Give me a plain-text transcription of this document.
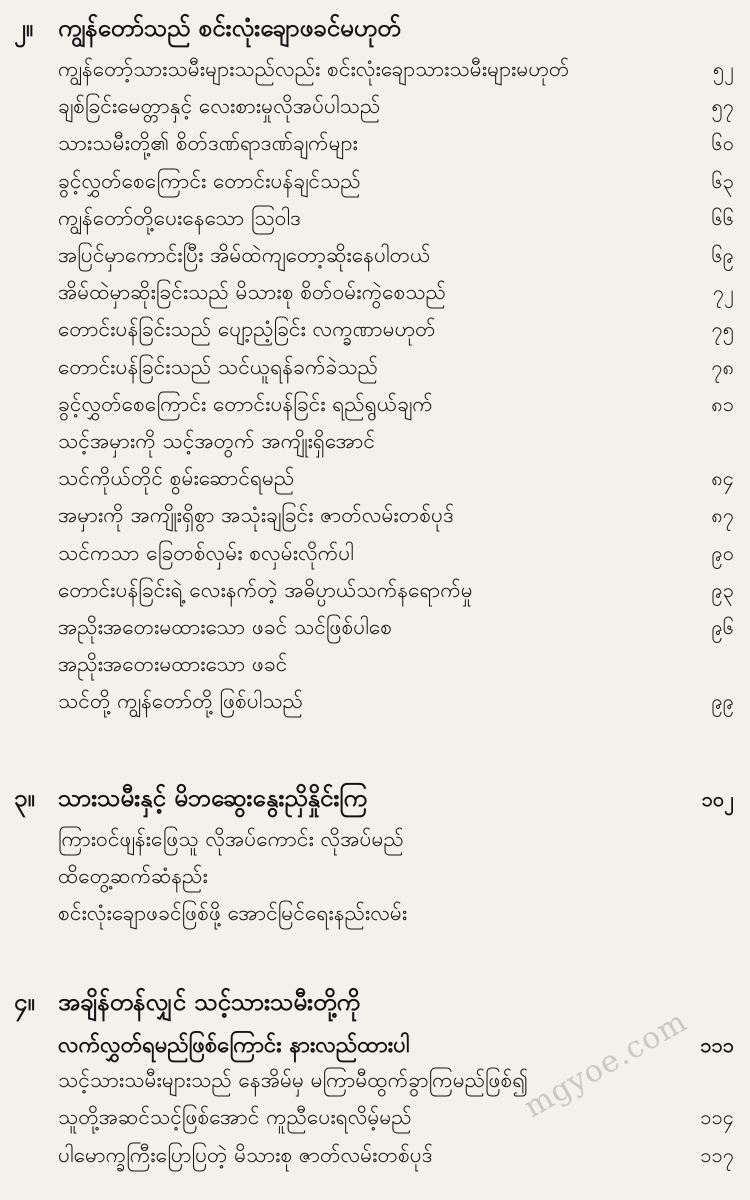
၂။	ကျွန်တော်သည် စင်းလုံးချောဖခင်မဟုတ်
ကျွန်တော့်သားသမီးများသည်လည်း စင်းလုံးချောသားသမီးများမဟုတ်	၅၂
ချစ်ခြင်းမေတ္တာနှင့် လေးစားမှုလိုအပ်ပါသည်	၅၇
သားသမီးတို့၏ စိတ်ဒဏ်ရာဒဏ်ချက်များ	၆၀
ခွင့်လွှတ်စေကြောင်း တောင်းပန်ချင်သည်	၆၃
ကျွန်တော်တို့ပေးနေသော သြဝါဒ	၆၆
အပြင်မှာကောင်းပြီး အိမ်ထဲကျတော့ဆိုးနေပါတယ်	၆၉
အိမ်ထဲမှာဆိုးခြင်းသည် မိသားစု စိတ်ဝမ်းကွဲစေသည်	၇၂
တောင်းပန်ခြင်းသည် ပျော့ညံ့ခြင်း လက္ခဏာမဟုတ်	၇၅
တောင်းပန်ခြင်းသည် သင်ယူရန်ခက်ခဲသည်	၇၈
ခွင့်လွှတ်စေကြောင်း တောင်းပန်ခြင်း ရည်ရွယ်ချက်	၈၁
သင့်အမှားကို သင့်အတွက် အကျိုးရှိအောင်
သင်ကိုယ်တိုင် စွမ်းဆောင်ရမည်	၈၄
အမှားကို အကျိုးရှိစွာ အသုံးချခြင်း ဇာတ်လမ်းတစ်ပုဒ်	၈၇
သင်ကသာ ခြေတစ်လှမ်း စလှမ်းလိုက်ပါ	၉၀
တောင်းပန်ခြင်းရဲ့ လေးနက်တဲ့ အဓိပ္ပာယ်သက်နရောက်မှု	၉၃
အညိုးအတေးမထားသော ဖခင် သင်ဖြစ်ပါစေ	၉၆
အညိုးအတေးမထားသော ဖခင်
သင်တို့ ကျွန်တော်တို့ ဖြစ်ပါသည်	၉၉
၃။ သားသမီးနှင့် မိဘဆွေးနွေးညှိနှိုင်းကြ	၁၀၂
ကြားဝင်ဖျန်းဖြေသူ လိုအပ်ကောင်း လိုအပ်မည်
ထိတွေ့ဆက်ဆံနည်း
စင်းလုံးချောဖခင်ဖြစ်ဖို့ အောင်မြင်ရေးနည်းလမ်း
၄။ အချိန်တန်လျှင် သင့်သားသမီးတို့ကို
လက်လွှတ်ရမည်ဖြစ်ကြောင်း နားလည်ထားပါ	၁၁၁
သင့်သားသမီးများသည် နေအိမ်မှ မကြာမီထွက်ခွာကြမည်ဖြစ်၍
သူတို့အဆင်သင့်ဖြစ်အောင် ကူညီပေးရလိမ့်မည်	၁၁၄
ပါမောက္ခကြီးပြောပြတဲ့ မိသားစု ဇာတ်လမ်းတစ်ပုဒ်	၁၁၇
mgyoe.com
